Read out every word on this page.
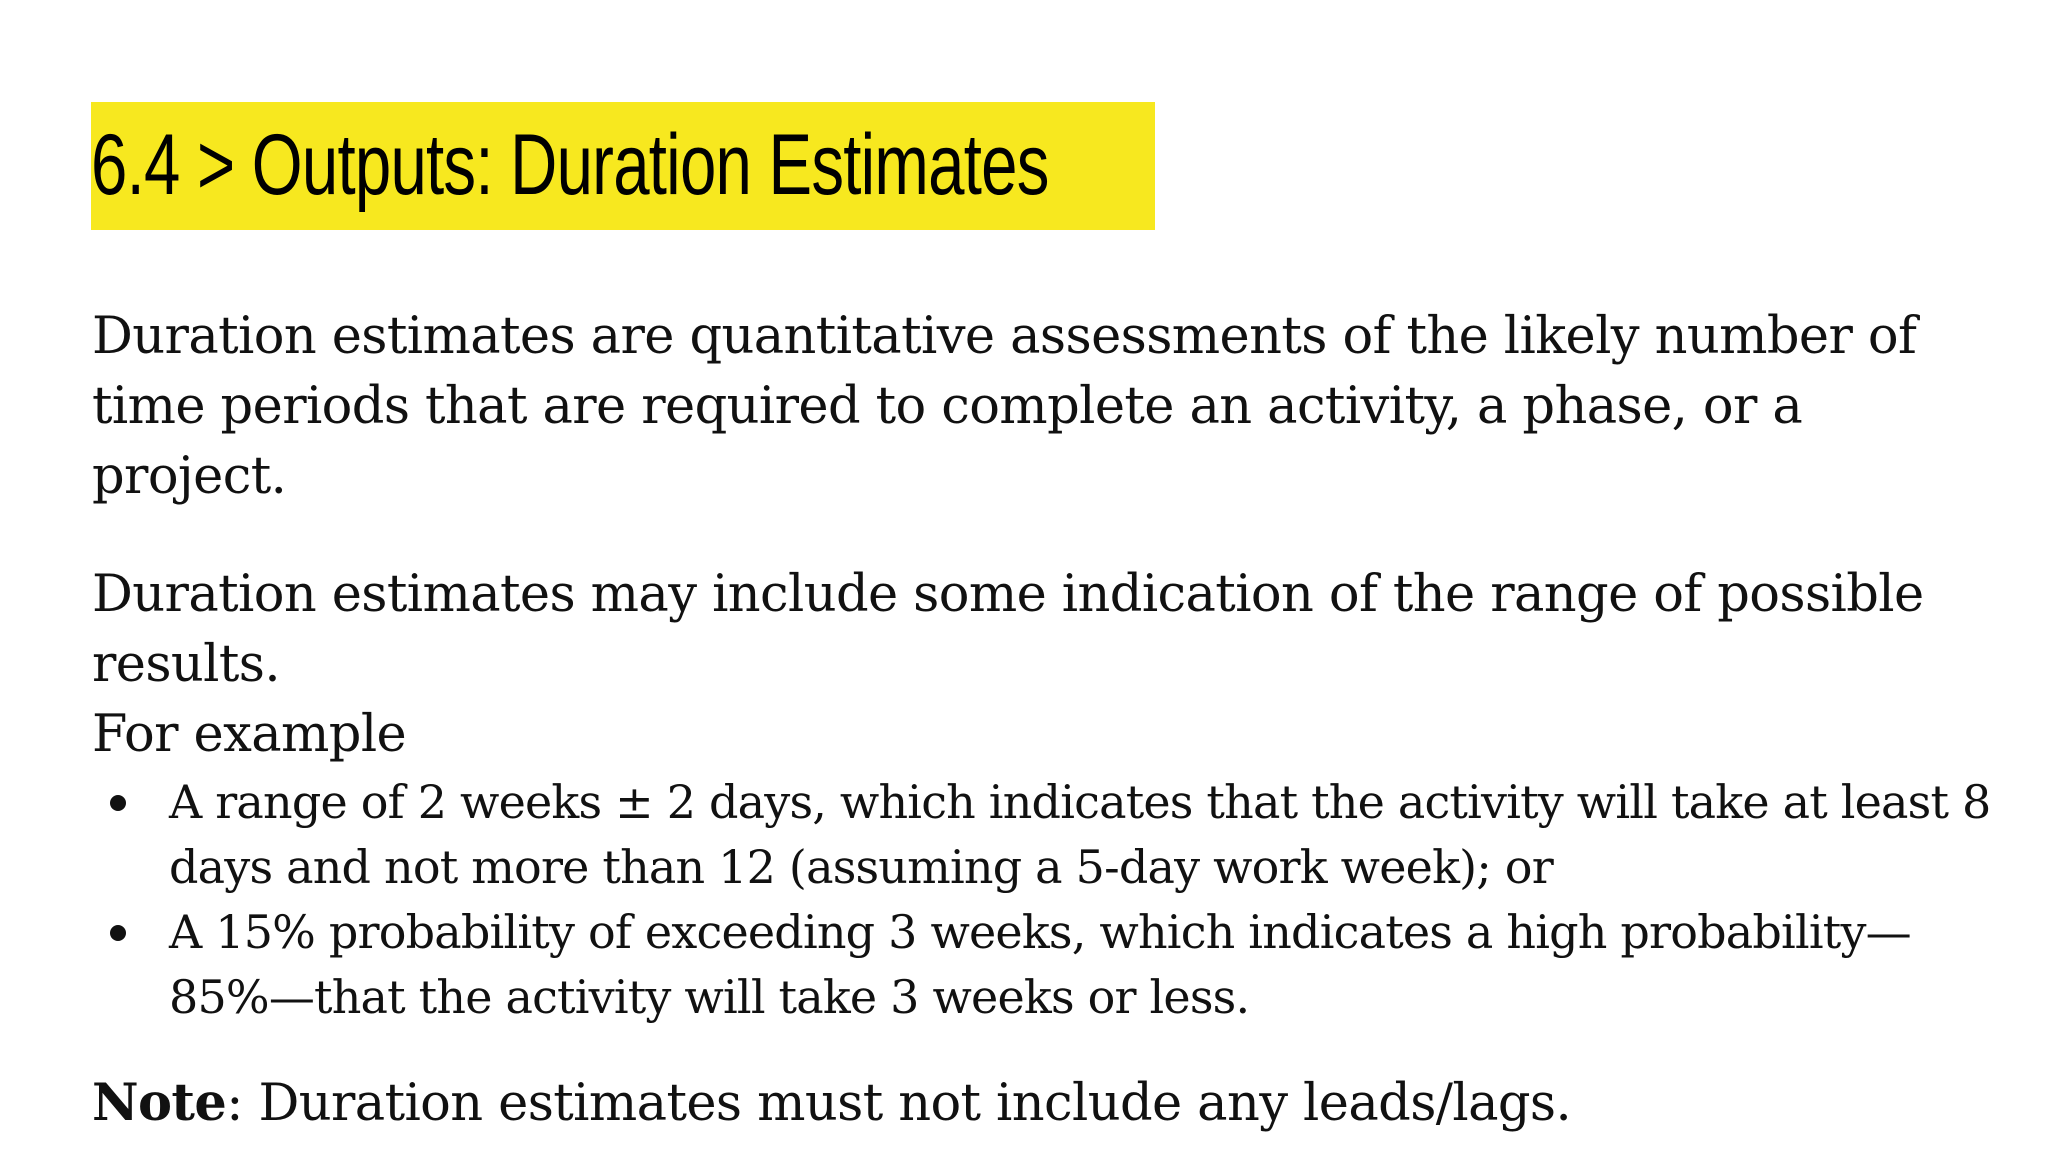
6.4 > Outputs: Duration Estimates

Duration estimates are quantitative assessments of the likely number of time periods that are required to complete an activity, a phase, or a project.

Duration estimates may include some indication of the range of possible results.
For example

A range of 2 weeks ± 2 days, which indicates that the activity will take at least 8 days and not more than 12 (assuming a 5-day work week); or
A 15% probability of exceeding 3 weeks, which indicates a high probability—85%—that the activity will take 3 weeks or less.

Note: Duration estimates must not include any leads/lags.
